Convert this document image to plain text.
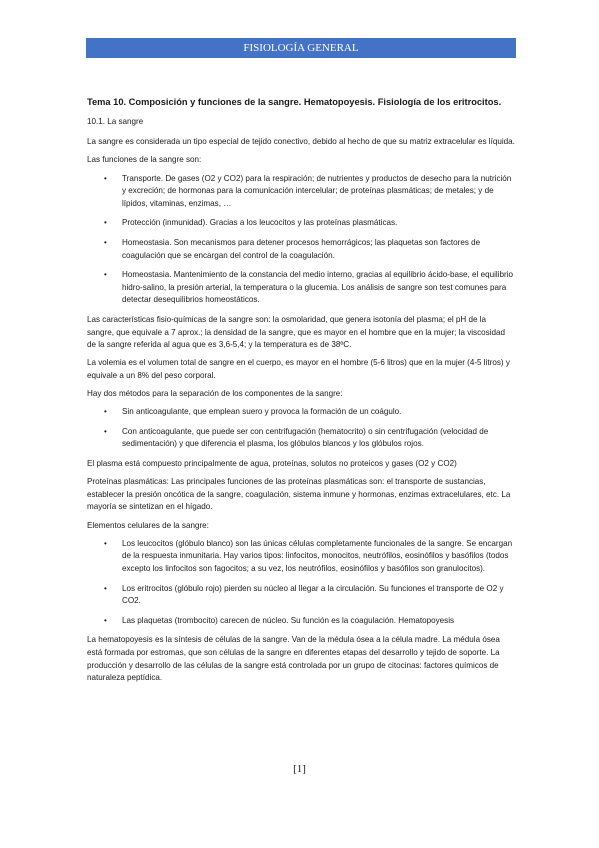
FISIOLOGÍA GENERAL
Tema 10. Composición y funciones de la sangre. Hematopoyesis. Fisiología de los eritrocitos.
10.1. La sangre

La sangre es considerada un tipo especial de tejido conectivo, debido al hecho de que su matriz extracelular es líquida.

Las funciones de la sangre son:

• Transporte. De gases (O2 y CO2) para la respiración; de nutrientes y productos de desecho para la nutrición y excreción; de hormonas para la comunicación intercelular; de proteínas plasmáticas; de metales; y de lípidos, vitaminas, enzimas, …
• Protección (inmunidad). Gracias a los leucocitos y las proteínas plasmáticas.
• Homeostasia. Son mecanismos para detener procesos hemorrágicos; las plaquetas son factores de coagulación que se encargan del control de la coagulación.
• Homeostasia. Mantenimiento de la constancia del medio interno, gracias al equilibrio ácido-base, el equilibrio hidro-salino, la presión arterial, la temperatura o la glucemia. Los análisis de sangre son test comunes para detectar desequilibrios homeostáticos.

Las características fisio-químicas de la sangre son: la osmolaridad, que genera isotonía del plasma; el pH de la sangre, que equivale a 7 aprox.; la densidad de la sangre, que es mayor en el hombre que en la mujer; la viscosidad de la sangre referida al agua que es 3,6-5,4; y la temperatura es de 38ºC.

La volemia es el volumen total de sangre en el cuerpo, es mayor en el hombre (5-6 litros) que en la mujer (4-5 litros) y equivale a un 8% del peso corporal.

Hay dos métodos para la separación de los componentes de la sangre:

• Sin anticoagulante, que emplean suero y provoca la formación de un coágulo.
• Con anticoagulante, que puede ser con centrifugación (hematocrito) o sin centrifugación (velocidad de sedimentación) y que diferencia el plasma, los glóbulos blancos y los glóbulos rojos.

El plasma está compuesto principalmente de agua, proteínas, solutos no proteicos y gases (O2 y CO2)

Proteínas plasmáticas: Las principales funciones de las proteínas plasmáticas son: el transporte de sustancias, establecer la presión oncótica de la sangre, coagulación, sistema inmune y hormonas, enzimas extracelulares, etc. La mayoría se sintetizan en el hígado.

Elementos celulares de la sangre:

• Los leucocitos (glóbulo blanco) son las únicas células completamente funcionales de la sangre. Se encargan de la respuesta inmunitaria. Hay varios tipos: linfocitos, monocitos, neutrófilos, eosinófilos y basófilos (todos excepto los linfocitos son fagocitos; a su vez, los neutrófilos, eosinófilos y basófilos son granulocitos).
• Los eritrocitos (glóbulo rojo) pierden su núcleo al llegar a la circulación. Su funciones el transporte de O2 y CO2.
• Las plaquetas (trombocito) carecen de núcleo. Su función es la coagulación. Hematopoyesis

La hematopoyesis es la síntesis de células de la sangre. Van de la médula ósea a la célula madre. La médula ósea está formada por estromas, que son células de la sangre en diferentes etapas del desarrollo y tejido de soporte. La producción y desarrollo de las células de la sangre está controlada por un grupo de citocinas: factores químicos de naturaleza peptídica.

[1]
